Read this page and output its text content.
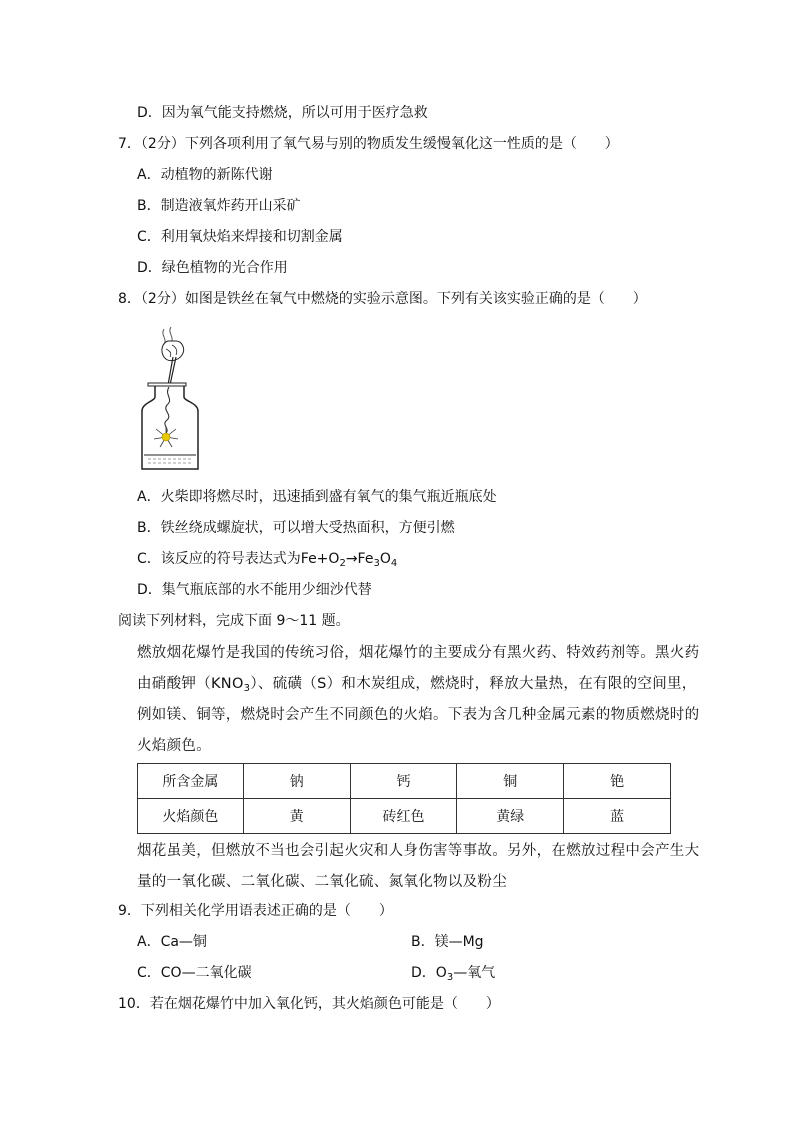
D．因为氧气能支持燃烧，所以可用于医疗急救
7．（2分）下列各项利用了氧气易与别的物质发生缓慢氧化这一性质的是（　　）
A．动植物的新陈代谢
B．制造液氧炸药开山采矿
C．利用氧炔焰来焊接和切割金属
D．绿色植物的光合作用
8．（2分）如图是铁丝在氧气中燃烧的实验示意图。下列有关该实验正确的是（　　）
A．火柴即将燃尽时，迅速插到盛有氧气的集气瓶近瓶底处
B．铁丝绕成螺旋状，可以增大受热面积，方便引燃
C．该反应的符号表达式为$Fe+O_2\to Fe_3O_4$
D．集气瓶底部的水不能用少细沙代替
阅读下列材料，完成下面 9～11 题。
燃放烟花爆竹是我国的传统习俗，烟花爆竹的主要成分有黑火药、特效药剂等。黑火药
由硝酸钾$(KNO_3)$、硫磺（S）和木炭组成，燃烧时，释放大量热，在有限的空间里，
例如镁、铜等，燃烧时会产生不同颜色的火焰。下表为含几种金属元素的物质燃烧时的
火焰颜色。
所含金属	钠	钙	铜	铯
火焰颜色	黄	砖红色	黄绿	蓝
烟花虽美，但燃放不当也会引起火灾和人身伤害等事故。另外，在燃放过程中会产生大
量的一氧化碳、二氧化碳、二氧化硫、氮氧化物以及粉尘
9．下列相关化学用语表述正确的是（　　）
A．Ca—铜	B．镁—Mg
C．CO—二氧化碳	D．$O_3—$氧气
10．若在烟花爆竹中加入氧化钙，其火焰颜色可能是（　　）
